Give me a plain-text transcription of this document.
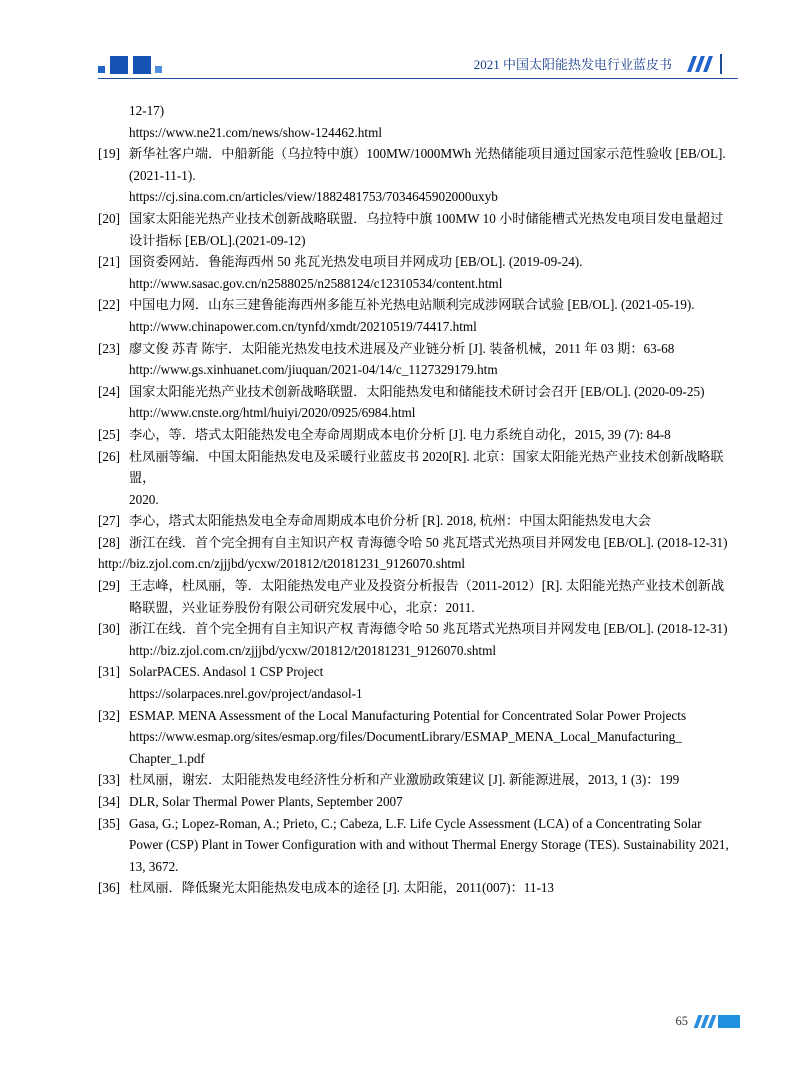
2021 中国太阳能热发电行业蓝皮书
12-17)
https://www.ne21.com/news/show-124462.html
[19] 新华社客户端．中船新能（乌拉特中旗）100MW/1000MWh 光热储能项目通过国家示范性验收 [EB/OL].
(2021-11-1).
https://cj.sina.com.cn/articles/view/1882481753/7034645902000uxyb
[20] 国家太阳能光热产业技术创新战略联盟．乌拉特中旗 100MW 10 小时储能槽式光热发电项目发电量超过
设计指标 [EB/OL].(2021-09-12)
[21] 国资委网站．鲁能海西州 50 兆瓦光热发电项目并网成功 [EB/OL]. (2019-09-24).
http://www.sasac.gov.cn/n2588025/n2588124/c12310534/content.html
[22] 中国电力网．山东三建鲁能海西州多能互补光热电站顺利完成涉网联合试验 [EB/OL]. (2021-05-19).
http://www.chinapower.com.cn/tynfd/xmdt/20210519/74417.html
[23] 廖文俊 苏青 陈宇．太阳能光热发电技术进展及产业链分析 [J]. 装备机械，2011 年 03 期：63-68
http://www.gs.xinhuanet.com/jiuquan/2021-04/14/c_1127329179.htm
[24] 国家太阳能光热产业技术创新战略联盟．太阳能热发电和储能技术研讨会召开 [EB/OL]. (2020-09-25)
http://www.cnste.org/html/huiyi/2020/0925/6984.html
[25] 李心，等．塔式太阳能热发电全寿命周期成本电价分析 [J]. 电力系统自动化，2015, 39 (7): 84-8
[26] 杜凤丽等编．中国太阳能热发电及采暖行业蓝皮书 2020[R]. 北京：国家太阳能光热产业技术创新战略联盟，
2020.
[27] 李心，塔式太阳能热发电全寿命周期成本电价分析 [R]. 2018, 杭州：中国太阳能热发电大会
[28] 浙江在线．首个完全拥有自主知识产权 青海德令哈 50 兆瓦塔式光热项目并网发电 [EB/OL]. (2018-12-31)
http://biz.zjol.com.cn/zjjjbd/ycxw/201812/t20181231_9126070.shtml
[29] 王志峰，杜凤丽，等．太阳能热发电产业及投资分析报告（2011-2012）[R]. 太阳能光热产业技术创新战
略联盟，兴业证券股份有限公司研究发展中心，北京：2011.
[30] 浙江在线．首个完全拥有自主知识产权 青海德令哈 50 兆瓦塔式光热项目并网发电 [EB/OL]. (2018-12-31)
http://biz.zjol.com.cn/zjjjbd/ycxw/201812/t20181231_9126070.shtml
[31] SolarPACES. Andasol 1 CSP Project
https://solarpaces.nrel.gov/project/andasol-1
[32] ESMAP. MENA Assessment of the Local Manufacturing Potential for Concentrated Solar Power Projects
https://www.esmap.org/sites/esmap.org/files/DocumentLibrary/ESMAP_MENA_Local_Manufacturing_
Chapter_1.pdf
[33] 杜凤丽，谢宏．太阳能热发电经济性分析和产业激励政策建议 [J]. 新能源进展，2013, 1 (3)：199
[34] DLR, Solar Thermal Power Plants, September 2007
[35] Gasa, G.; Lopez-Roman, A.; Prieto, C.; Cabeza, L.F. Life Cycle Assessment (LCA) of a Concentrating Solar
Power (CSP) Plant in Tower Configuration with and without Thermal Energy Storage (TES). Sustainability 2021,
13, 3672.
[36] 杜凤丽．降低聚光太阳能热发电成本的途径 [J]. 太阳能，2011(007)：11-13
65
